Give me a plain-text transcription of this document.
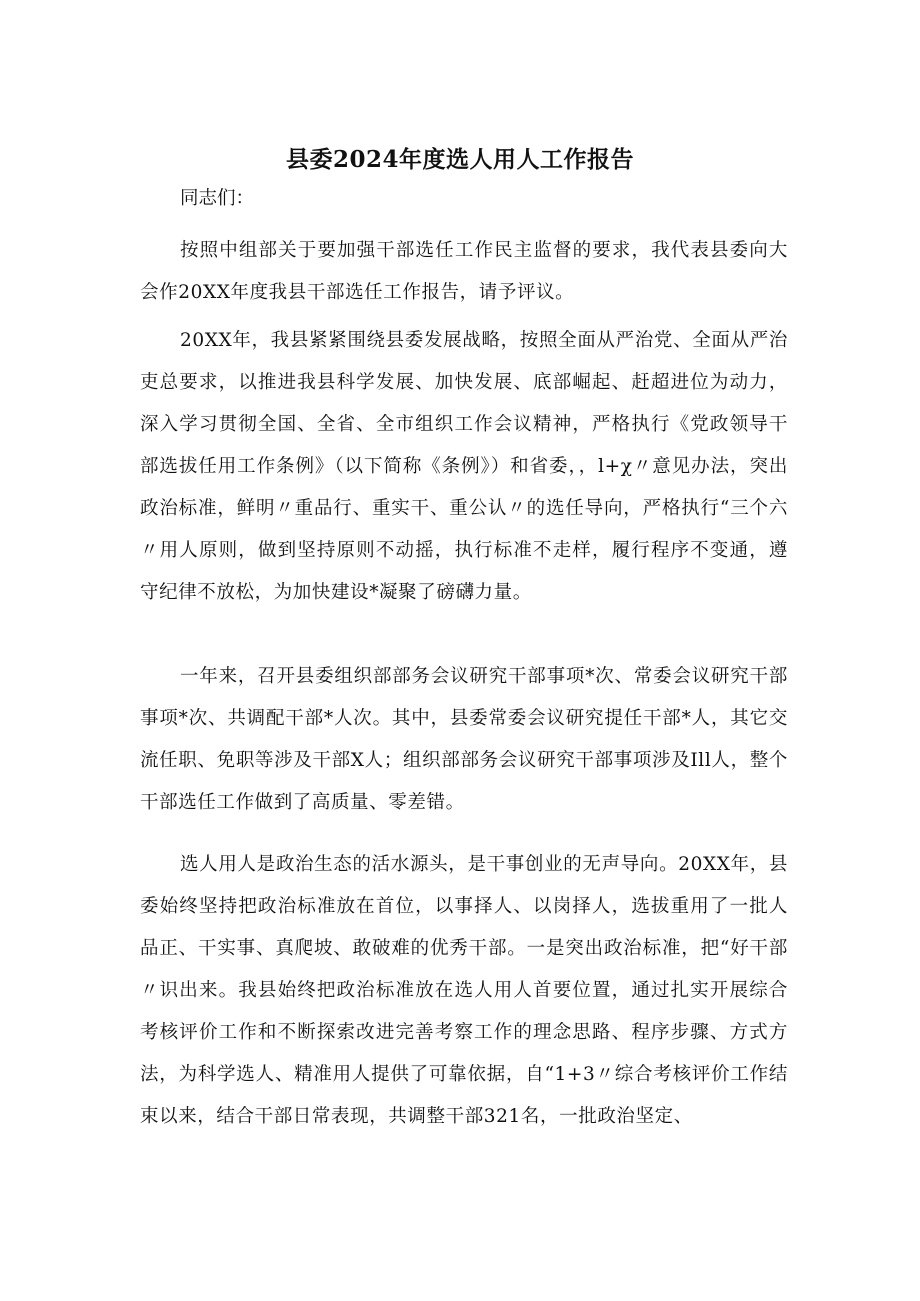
县委2024年度选人用人工作报告
同志们：

按照中组部关于要加强干部选任工作民主监督的要求，我代表县委向大会作20XX年度我县干部选任工作报告，请予评议。

20XX年，我县紧紧围绕县委发展战略，按照全面从严治党、全面从严治吏总要求，以推进我县科学发展、加快发展、底部崛起、赶超进位为动力，深入学习贯彻全国、全省、全市组织工作会议精神，严格执行《党政领导干部选拔任用工作条例》（以下简称《条例》）和省委，，l+χ〃意见办法，突出政治标准，鲜明〃重品行、重实干、重公认〃的选任导向，严格执行“三个六〃用人原则，做到坚持原则不动摇，执行标准不走样，履行程序不变通，遵守纪律不放松，为加快建设*凝聚了磅礴力量。

一年来，召开县委组织部部务会议研究干部事项*次、常委会议研究干部事项*次、共调配干部*人次。其中，县委常委会议研究提任干部*人，其它交流任职、免职等涉及干部X人；组织部部务会议研究干部事项涉及Ill人，整个干部选任工作做到了高质量、零差错。

选人用人是政治生态的活水源头，是干事创业的无声导向。20XX年，县委始终坚持把政治标准放在首位，以事择人、以岗择人，选拔重用了一批人品正、干实事、真爬坡、敢破难的优秀干部。一是突出政治标准，把“好干部〃识出来。我县始终把政治标准放在选人用人首要位置，通过扎实开展综合考核评价工作和不断探索改进完善考察工作的理念思路、程序步骤、方式方法，为科学选人、精准用人提供了可靠依据，自“1+3〃综合考核评价工作结束以来，结合干部日常表现，共调整干部321名，一批政治坚定、
